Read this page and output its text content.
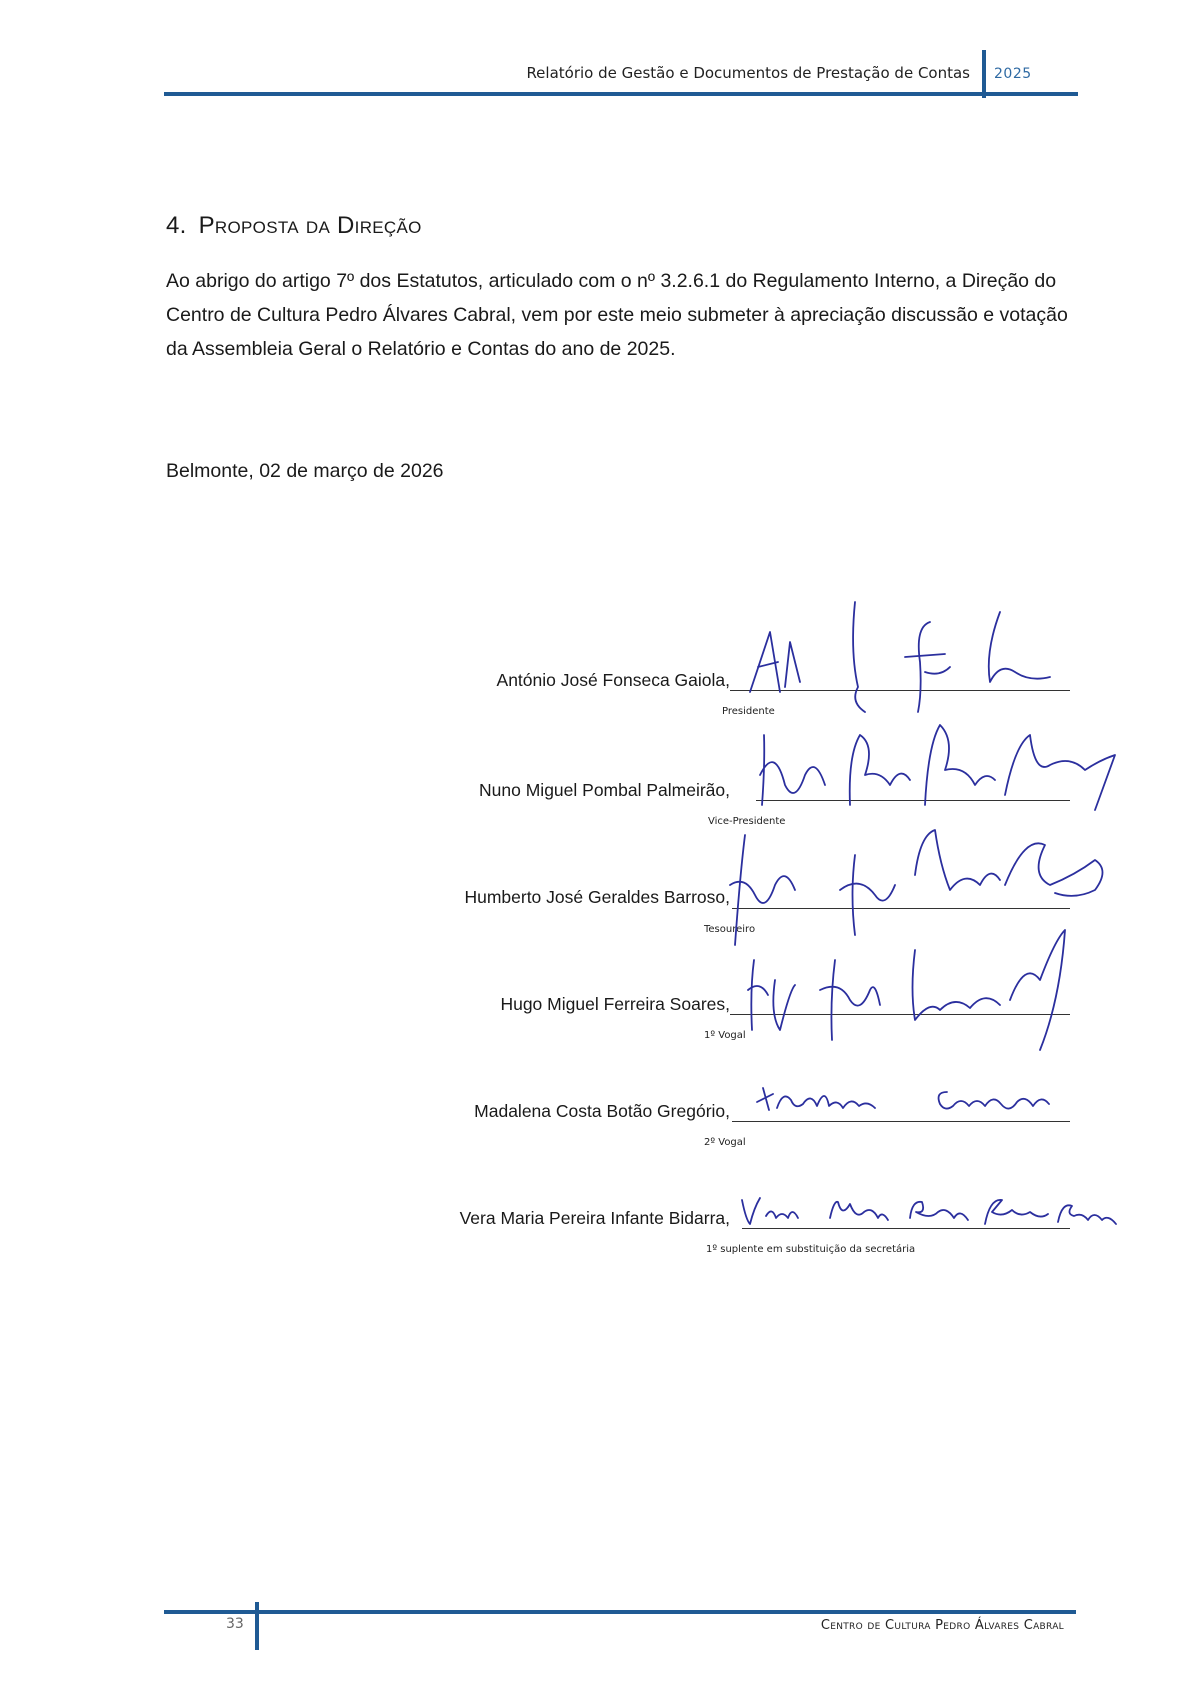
Relatório de Gestão e Documentos de Prestação de Contas 2025
4. Proposta da Direção
Ao abrigo do artigo 7º dos Estatutos, articulado com o nº 3.2.6.1 do Regulamento Interno, a Direção do Centro de Cultura Pedro Álvares Cabral, vem por este meio submeter à apreciação discussão e votação da Assembleia Geral o Relatório e Contas do ano de 2025.
Belmonte, 02 de março de 2026
António José Fonseca Gaiola,
Presidente
Nuno Miguel Pombal Palmeirão,
Vice-Presidente
Humberto José Geraldes Barroso,
Tesoureiro
Hugo Miguel Ferreira Soares,
1º Vogal
Madalena Costa Botão Gregório,
2º Vogal
Vera Maria Pereira Infante Bidarra,
1º suplente em substituição da secretária
33	Centro de Cultura Pedro Álvares Cabral
